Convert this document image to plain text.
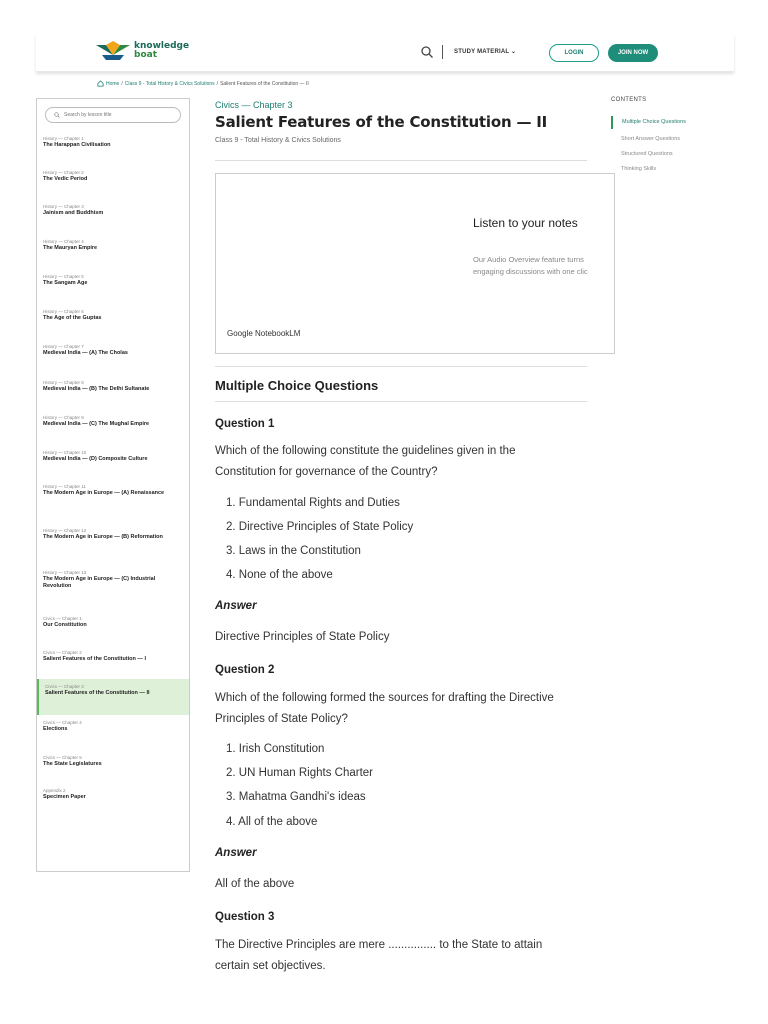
knowledge
boat	STUDY MATERIAL ⌄	LOGIN	JOIN NOW
Home / Class 9 - Total History & Civics Solutions / Salient Features of the Constitution — II
Search by lesson title
History — Chapter 1
The Harappan Civilisation
History — Chapter 2
The Vedic Period
History — Chapter 3
Jainism and Buddhism
History — Chapter 4
The Mauryan Empire
History — Chapter 5
The Sangam Age
History — Chapter 6
The Age of the Guptas
History — Chapter 7
Medieval India — (A) The Cholas
History — Chapter 8
Medieval India — (B) The Delhi Sultanate
History — Chapter 9
Medieval India — (C) The Mughal Empire
History — Chapter 10
Medieval India — (D) Composite Culture
History — Chapter 11
The Modern Age in Europe — (A) Renaissance
History — Chapter 12
The Modern Age in Europe — (B) Reformation
History — Chapter 13
The Modern Age in Europe — (C) Industrial Revolution
Civics — Chapter 1
Our Constitution
Civics — Chapter 2
Salient Features of the Constitution — I
Civics — Chapter 3
Salient Features of the Constitution — II
Civics — Chapter 4
Elections
Civics — Chapter 5
The State Legislatures
Appendix 2
Specimen Paper
Civics — Chapter 3
Salient Features of the Constitution — II
Class 9 - Total History & Civics Solutions
Listen to your notes
Our Audio Overview feature turns
engaging discussions with one clic
Google NotebookLM
Multiple Choice Questions
Question 1
Which of the following constitute the guidelines given in the
Constitution for governance of the Country?
1. Fundamental Rights and Duties
2. Directive Principles of State Policy
3. Laws in the Constitution
4. None of the above
Answer
Directive Principles of State Policy
Question 2
Which of the following formed the sources for drafting the Directive
Principles of State Policy?
1. Irish Constitution
2. UN Human Rights Charter
3. Mahatma Gandhi's ideas
4. All of the above
Answer
All of the above
Question 3
The Directive Principles are mere ............... to the State to attain
certain set objectives.
CONTENTS
Multiple Choice Questions
Short Answer Questions
Structured Questions
Thinking Skills
